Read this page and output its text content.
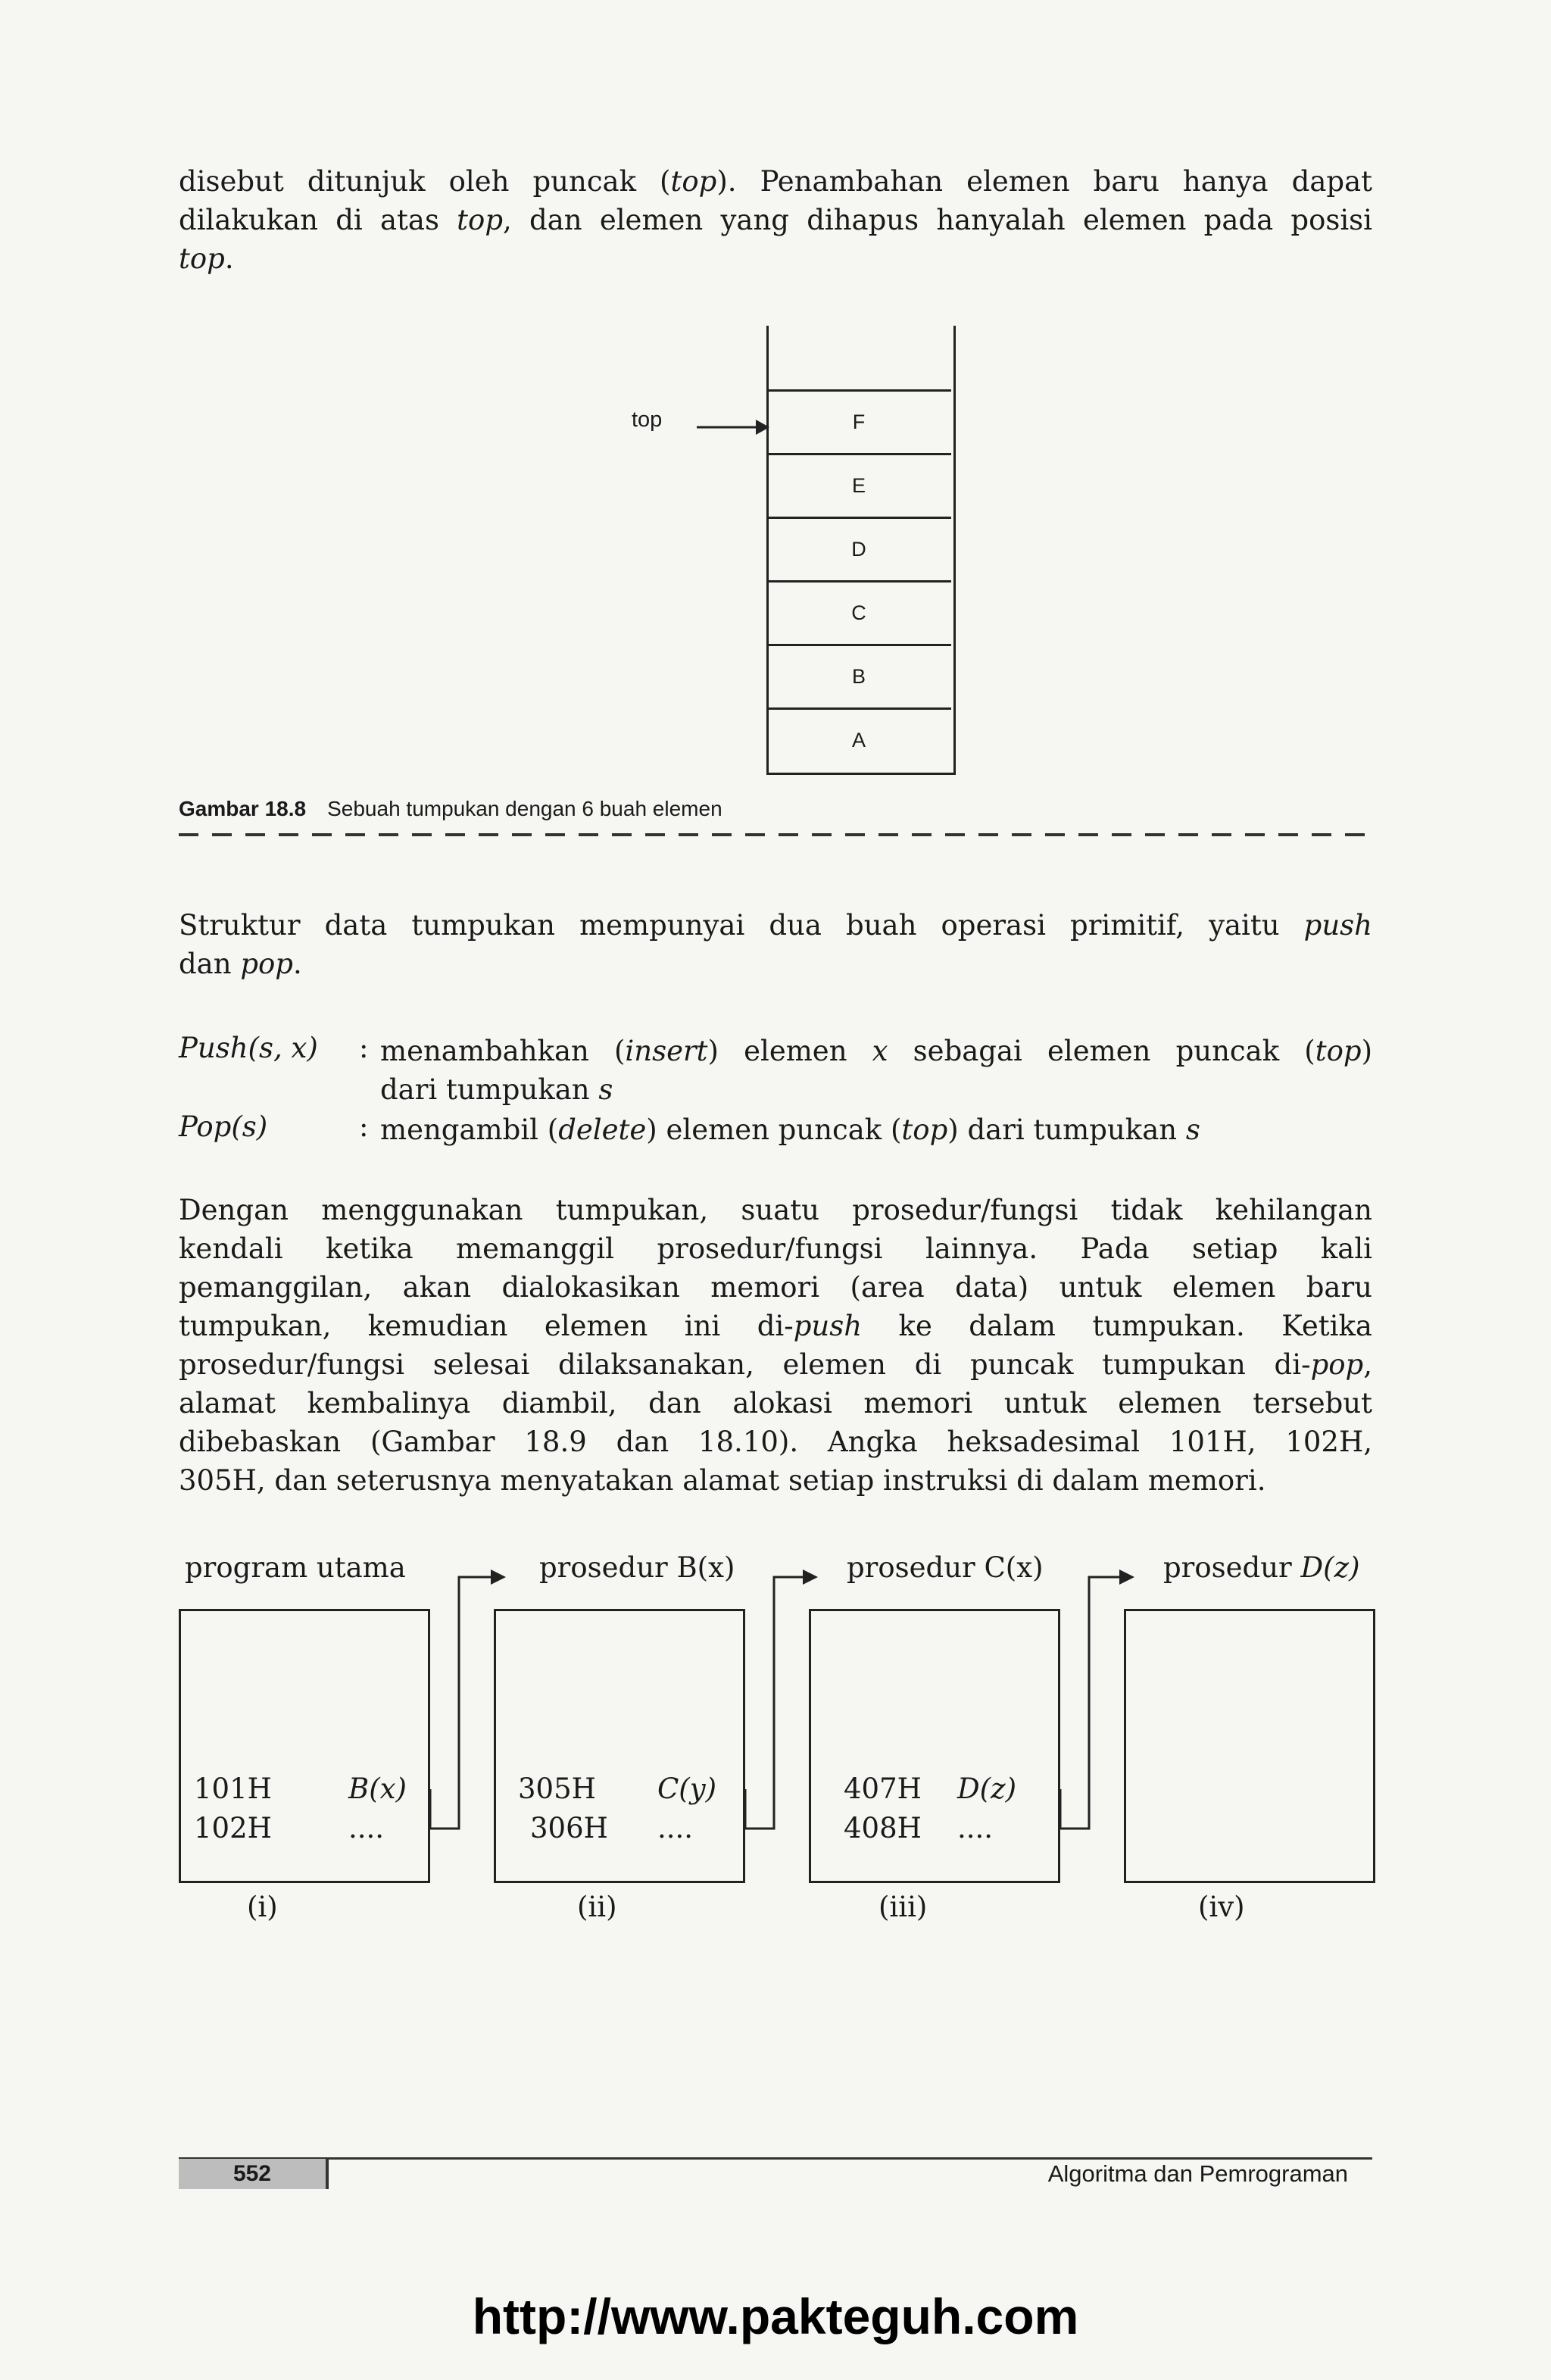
disebut ditunjuk oleh puncak (top). Penambahan elemen baru hanya dapat
dilakukan di atas top, dan elemen yang dihapus hanyalah elemen pada posisi
top.
F
E
D
C
B
A
top
Gambar 18.8 Sebuah tumpukan dengan 6 buah elemen
Struktur data tumpukan mempunyai dua buah operasi primitif, yaitu push
dan pop.
Push(s, x) : menambahkan (insert) elemen x sebagai elemen puncak (top)
dari tumpukan s
Pop(s)	: mengambil (delete) elemen puncak (top) dari tumpukan s
Dengan menggunakan tumpukan, suatu prosedur/fungsi tidak kehilangan
kendali ketika memanggil prosedur/fungsi lainnya. Pada setiap kali
pemanggilan, akan dialokasikan memori (area data) untuk elemen baru
tumpukan, kemudian elemen ini di-push ke dalam tumpukan. Ketika
prosedur/fungsi selesai dilaksanakan, elemen di puncak tumpukan di-pop,
alamat kembalinya diambil, dan alokasi memori untuk elemen tersebut
dibebaskan (Gambar 18.9 dan 18.10). Angka heksadesimal 101H, 102H,
305H, dan seterusnya menyatakan alamat setiap instruksi di dalam memori.
program utama	prosedur B(x)	prosedur C(x)	prosedur D(z)
101H	B(x)
102H	....
305H C(y)
306H ....
407H D(z)
408H ....
(i)	(ii)	(iii)	(iv)
552	Algoritma dan Pemrograman
http://www.pakteguh.com
